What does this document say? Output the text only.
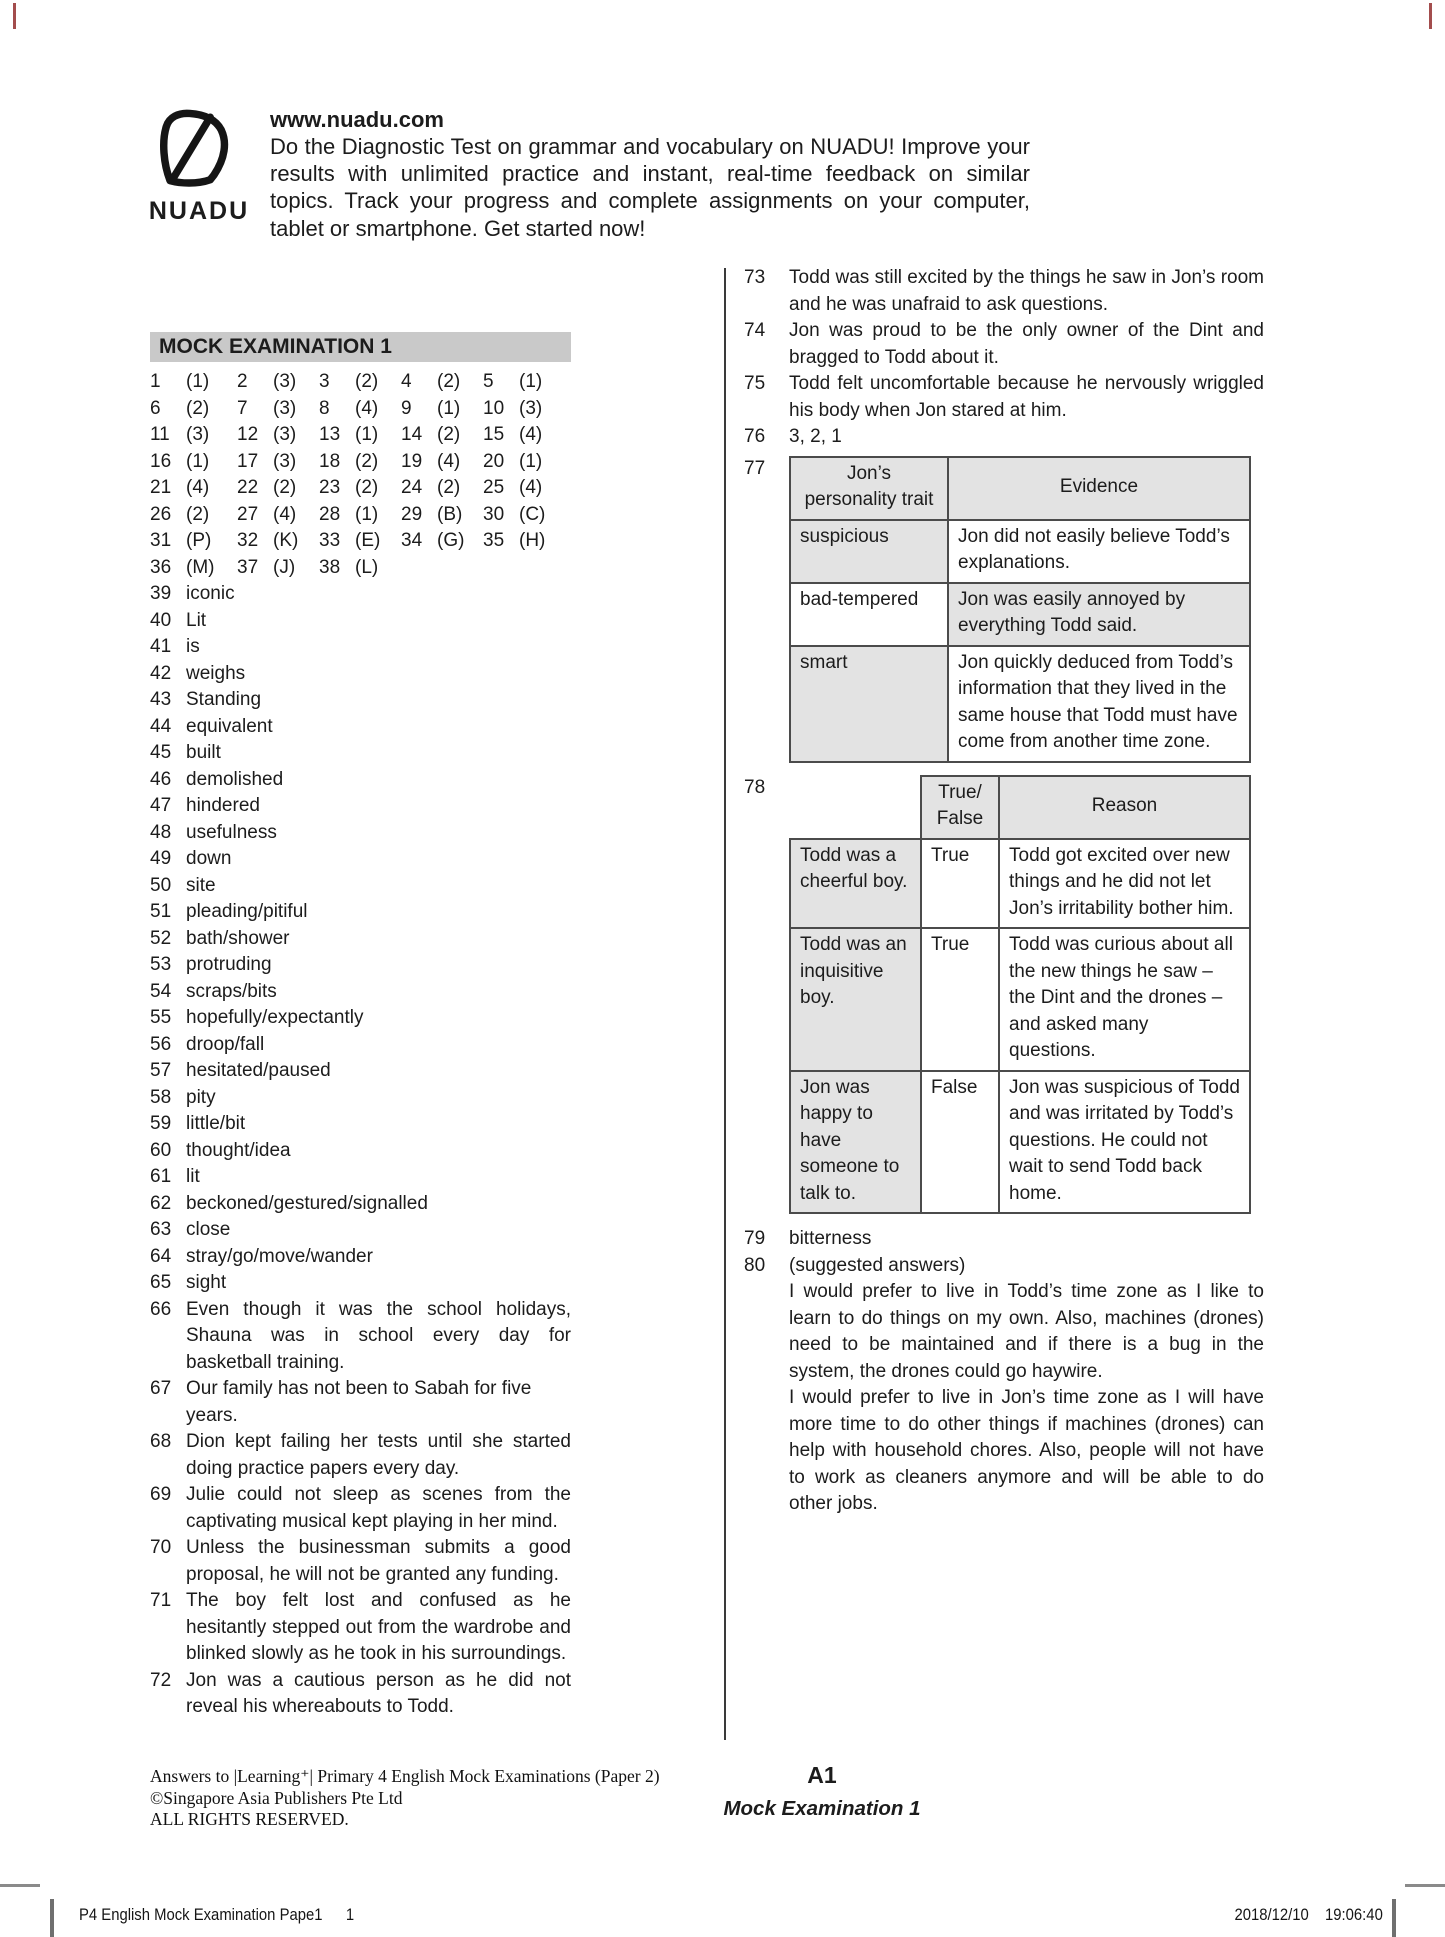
NUADU
www.nuadu.com

Do the Diagnostic Test on grammar and vocabulary on NUADU! Improve your results with unlimited practice and instant, real-time feedback on similar topics. Track your progress and complete assignments on your computer, tablet or smartphone. Get started now!

MOCK EXAMINATION 1
1	(1)	2	(3)	3	(2)	4	(2)	5	(1)
6	(2)	7	(3)	8	(4)	9	(1)	10 (3)
11 (3)	12 (3)	13 (1)	14 (2)	15 (4)
16 (1)	17 (3)	18 (2)	19 (4)	20 (1)
21 (4)	22 (2)	23 (2)	24 (2)	25 (4)
26 (2)	27 (4)	28 (1)	29 (B)	30 (C)
31 (P)	32 (K)	33 (E)	34 (G) 35 (H)
36 (M)	37 (J)	38 (L)
39 iconic
40 Lit
41 is
42 weighs
43 Standing
44 equivalent
45 built
46 demolished
47 hindered
48 usefulness
49 down
50 site
51 pleading/pitiful
52 bath/shower
53 protruding
54 scraps/bits
55 hopefully/expectantly
56 droop/fall
57 hesitated/paused
58 pity
59 little/bit
60 thought/idea
61 lit
62 beckoned/gestured/signalled
63 close
64 stray/go/move/wander
65 sight
66 Even though it was the school holidays, Shauna was in school every day for basketball training.
67 Our family has not been to Sabah for five years.
68 Dion kept failing her tests until she started doing practice papers every day.
69 Julie could not sleep as scenes from the captivating musical kept playing in her mind.
70 Unless the businessman submits a good proposal, he will not be granted any funding.
71 The boy felt lost and confused as he hesitantly stepped out from the wardrobe and blinked slowly as he took in his surroundings.
72 Jon was a cautious person as he did not reveal his whereabouts to Todd.
73	Todd was still excited by the things he saw in Jon’s room and he was unafraid to ask questions.
74	Jon was proud to be the only owner of the Dint and bragged to Todd about it.
75	Todd felt uncomfortable because he nervously wriggled his body when Jon stared at him.
76	3, 2, 1
77	Jon’s personality trait	Evidence
suspicious	Jon did not easily believe Todd’s explanations.
bad-tempered	Jon was easily annoyed by everything Todd said.
smart	Jon quickly deduced from Todd’s information that they lived in the same house that Todd must have come from another time zone.
78
		True/ False	Reason
Todd was a cheerful boy.	True	Todd got excited over new things and he did not let Jon’s irritability bother him.
Todd was an inquisitive boy.	True	Todd was curious about all the new things he saw – the Dint and the drones – and asked many questions.
Jon was happy to have someone to talk to.	False	Jon was suspicious of Todd and was irritated by Todd’s questions. He could not wait to send Todd back home.
79	bitterness
80	(suggested answers)
I would prefer to live in Todd’s time zone as I like to learn to do things on my own. Also, machines (drones) need to be maintained and if there is a bug in the system, the drones could go haywire.
I would prefer to live in Jon’s time zone as I will have more time to do other things if machines (drones) can help with household chores. Also, people will not have to work as cleaners anymore and will be able to do other jobs.
Answers to |Learning⁺| Primary 4 English Mock Examinations (Paper 2)
©Singapore Asia Publishers Pte Ltd
ALL RIGHTS RESERVED.
A1
Mock Examination 1
P4 English Mock Examination Pape1 1	2018/12/10 19:06:40
